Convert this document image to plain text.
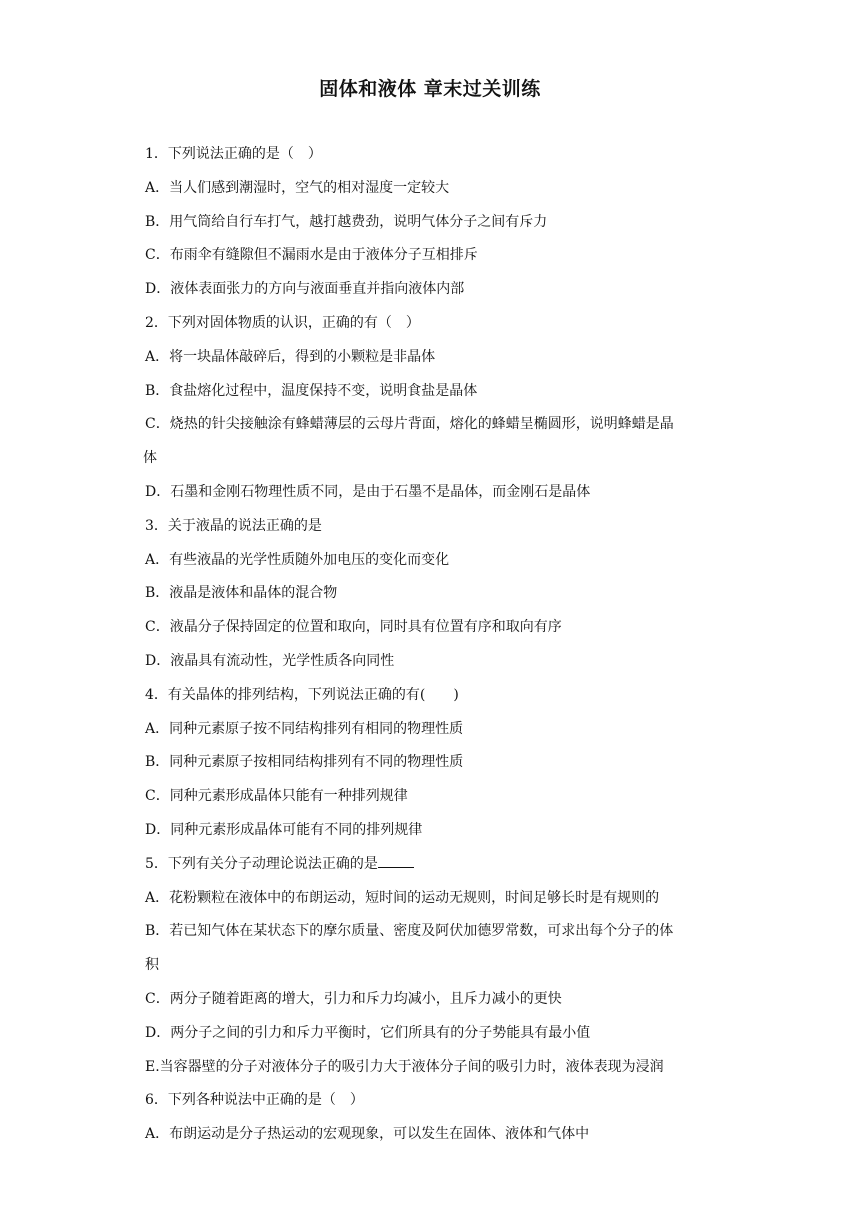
固体和液体 章末过关训练
1．下列说法正确的是（　）
A．当人们感到潮湿时，空气的相对湿度一定较大
B．用气筒给自行车打气，越打越费劲，说明气体分子之间有斥力
C．布雨伞有缝隙但不漏雨水是由于液体分子互相排斥
D．液体表面张力的方向与液面垂直并指向液体内部
2．下列对固体物质的认识，正确的有（　）
A．将一块晶体敲碎后，得到的小颗粒是非晶体
B．食盐熔化过程中，温度保持不变，说明食盐是晶体
C．烧热的针尖接触涂有蜂蜡薄层的云母片背面，熔化的蜂蜡呈椭圆形，说明蜂蜡是晶
体
D．石墨和金刚石物理性质不同，是由于石墨不是晶体，而金刚石是晶体
3．关于液晶的说法正确的是
A．有些液晶的光学性质随外加电压的变化而变化
B．液晶是液体和晶体的混合物
C．液晶分子保持固定的位置和取向，同时具有位置有序和取向有序
D．液晶具有流动性，光学性质各向同性
4．有关晶体的排列结构，下列说法正确的有(　　)
A．同种元素原子按不同结构排列有相同的物理性质
B．同种元素原子按相同结构排列有不同的物理性质
C．同种元素形成晶体只能有一种排列规律
D．同种元素形成晶体可能有不同的排列规律
5．下列有关分子动理论说法正确的是
A．花粉颗粒在液体中的布朗运动，短时间的运动无规则，时间足够长时是有规则的
B．若已知气体在某状态下的摩尔质量、密度及阿伏加德罗常数，可求出每个分子的体
积
C．两分子随着距离的增大，引力和斥力均减小，且斥力减小的更快
D．两分子之间的引力和斥力平衡时，它们所具有的分子势能具有最小值
E.当容器壁的分子对液体分子的吸引力大于液体分子间的吸引力时，液体表现为浸润
6．下列各种说法中正确的是（　）
A．布朗运动是分子热运动的宏观现象，可以发生在固体、液体和气体中
